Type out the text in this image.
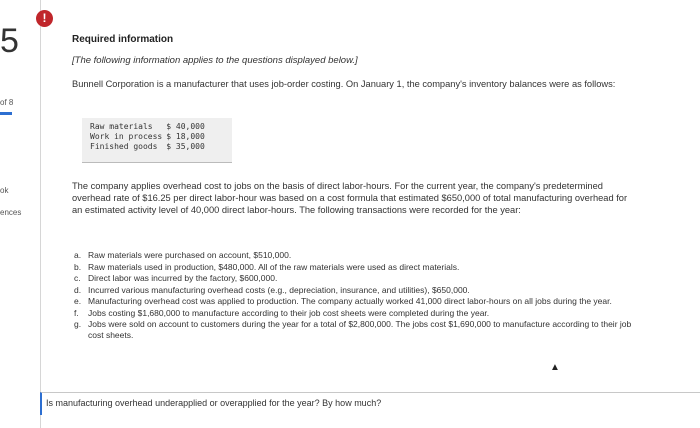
5
of 8
ok
ences
!
Required information
[The following information applies to the questions displayed below.]
Bunnell Corporation is a manufacturer that uses job-order costing. On January 1, the company's inventory balances were as follows:
Raw materials	$ 40,000
Work in process	$ 18,000
Finished goods	$ 35,000
The company applies overhead cost to jobs on the basis of direct labor-hours. For the current year, the company's predetermined overhead rate of $16.25 per direct labor-hour was based on a cost formula that estimated $650,000 of total manufacturing overhead for an estimated activity level of 40,000 direct labor-hours. The following transactions were recorded for the year:
a. Raw materials were purchased on account, $510,000.
b. Raw materials used in production, $480,000. All of the raw materials were used as direct materials.
c. Direct labor was incurred by the factory, $600,000.
d. Incurred various manufacturing overhead costs (e.g., depreciation, insurance, and utilities), $650,000.
e. Manufacturing overhead cost was applied to production. The company actually worked 41,000 direct labor-hours on all jobs during the year.
f. Jobs costing $1,680,000 to manufacture according to their job cost sheets were completed during the year.
g. Jobs were sold on account to customers during the year for a total of $2,800,000. The jobs cost $1,690,000 to manufacture according to their job cost sheets.
▲
Is manufacturing overhead underapplied or overapplied for the year? By how much?
